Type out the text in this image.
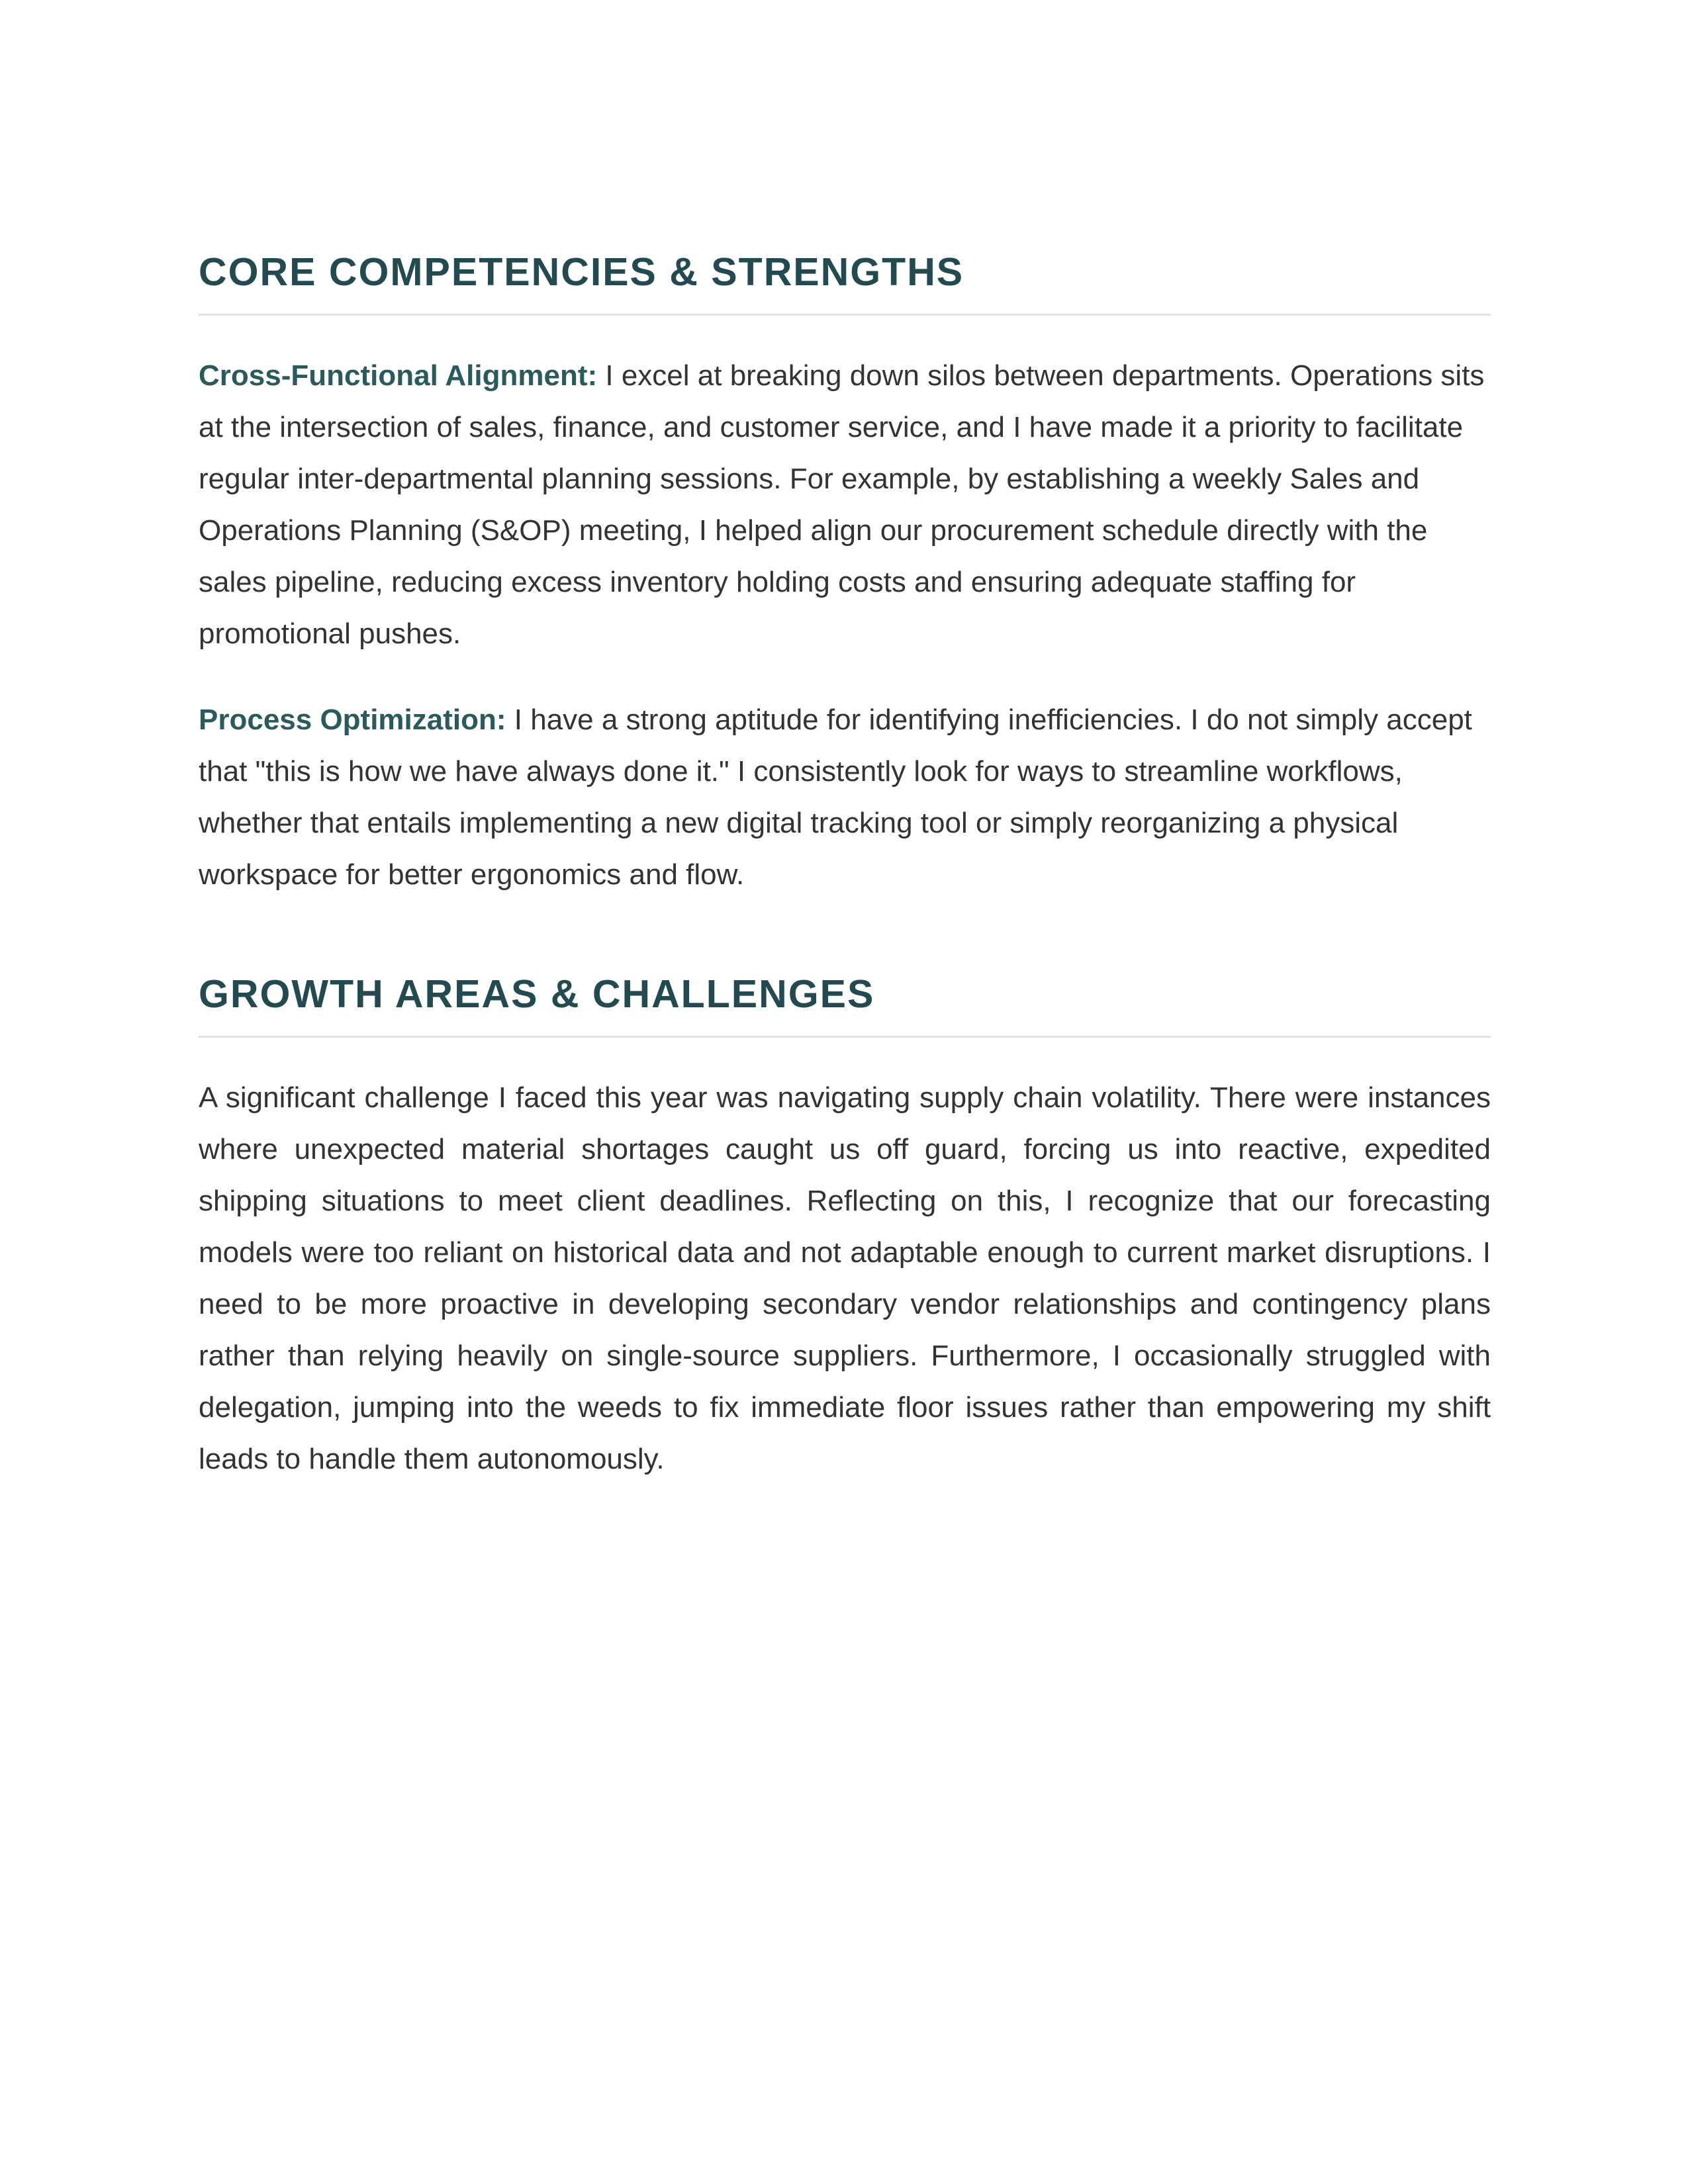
CORE COMPETENCIES & STRENGTHS

Cross-Functional Alignment: I excel at breaking down silos between departments. Operations sits at the intersection of sales, finance, and customer service, and I have made it a priority to facilitate regular inter-departmental planning sessions. For example, by establishing a weekly Sales and Operations Planning (S&OP) meeting, I helped align our procurement schedule directly with the sales pipeline, reducing excess inventory holding costs and ensuring adequate staffing for promotional pushes.

Process Optimization: I have a strong aptitude for identifying inefficiencies. I do not simply accept that "this is how we have always done it." I consistently look for ways to streamline workflows, whether that entails implementing a new digital tracking tool or simply reorganizing a physical workspace for better ergonomics and flow.

GROWTH AREAS & CHALLENGES

A significant challenge I faced this year was navigating supply chain volatility. There were instances where unexpected material shortages caught us off guard, forcing us into reactive, expedited shipping situations to meet client deadlines. Reflecting on this, I recognize that our forecasting models were too reliant on historical data and not adaptable enough to current market disruptions. I need to be more proactive in developing secondary vendor relationships and contingency plans rather than relying heavily on single-source suppliers. Furthermore, I occasionally struggled with delegation, jumping into the weeds to fix immediate floor issues rather than empowering my shift leads to handle them autonomously.
